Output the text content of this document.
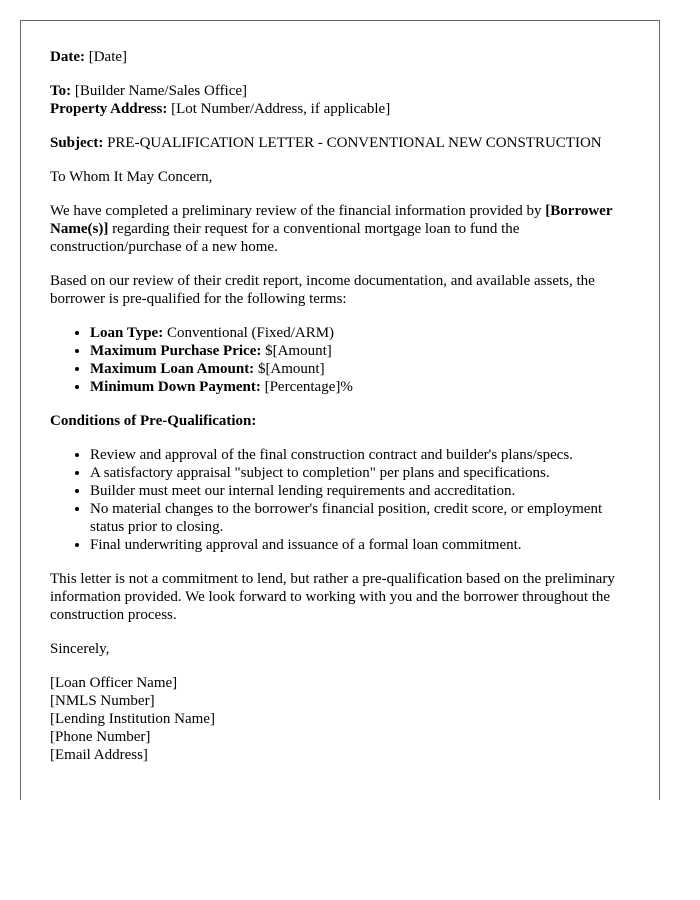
Date: [Date]

To: [Builder Name/Sales Office]
Property Address: [Lot Number/Address, if applicable]

Subject: PRE-QUALIFICATION LETTER - CONVENTIONAL NEW CONSTRUCTION

To Whom It May Concern,

We have completed a preliminary review of the financial information provided by [Borrower Name(s)] regarding their request for a conventional mortgage loan to fund the construction/purchase of a new home.

Based on our review of their credit report, income documentation, and available assets, the borrower is pre-qualified for the following terms:

• Loan Type: Conventional (Fixed/ARM)
• Maximum Purchase Price: $[Amount]
• Maximum Loan Amount: $[Amount]
• Minimum Down Payment: [Percentage]%

Conditions of Pre-Qualification:

• Review and approval of the final construction contract and builder's plans/specs.
• A satisfactory appraisal "subject to completion" per plans and specifications.
• Builder must meet our internal lending requirements and accreditation.
• No material changes to the borrower's financial position, credit score, or employment status prior to closing.
• Final underwriting approval and issuance of a formal loan commitment.

This letter is not a commitment to lend, but rather a pre-qualification based on the preliminary information provided. We look forward to working with you and the borrower throughout the construction process.

Sincerely,

[Loan Officer Name]
[NMLS Number]
[Lending Institution Name]
[Phone Number]
[Email Address]
